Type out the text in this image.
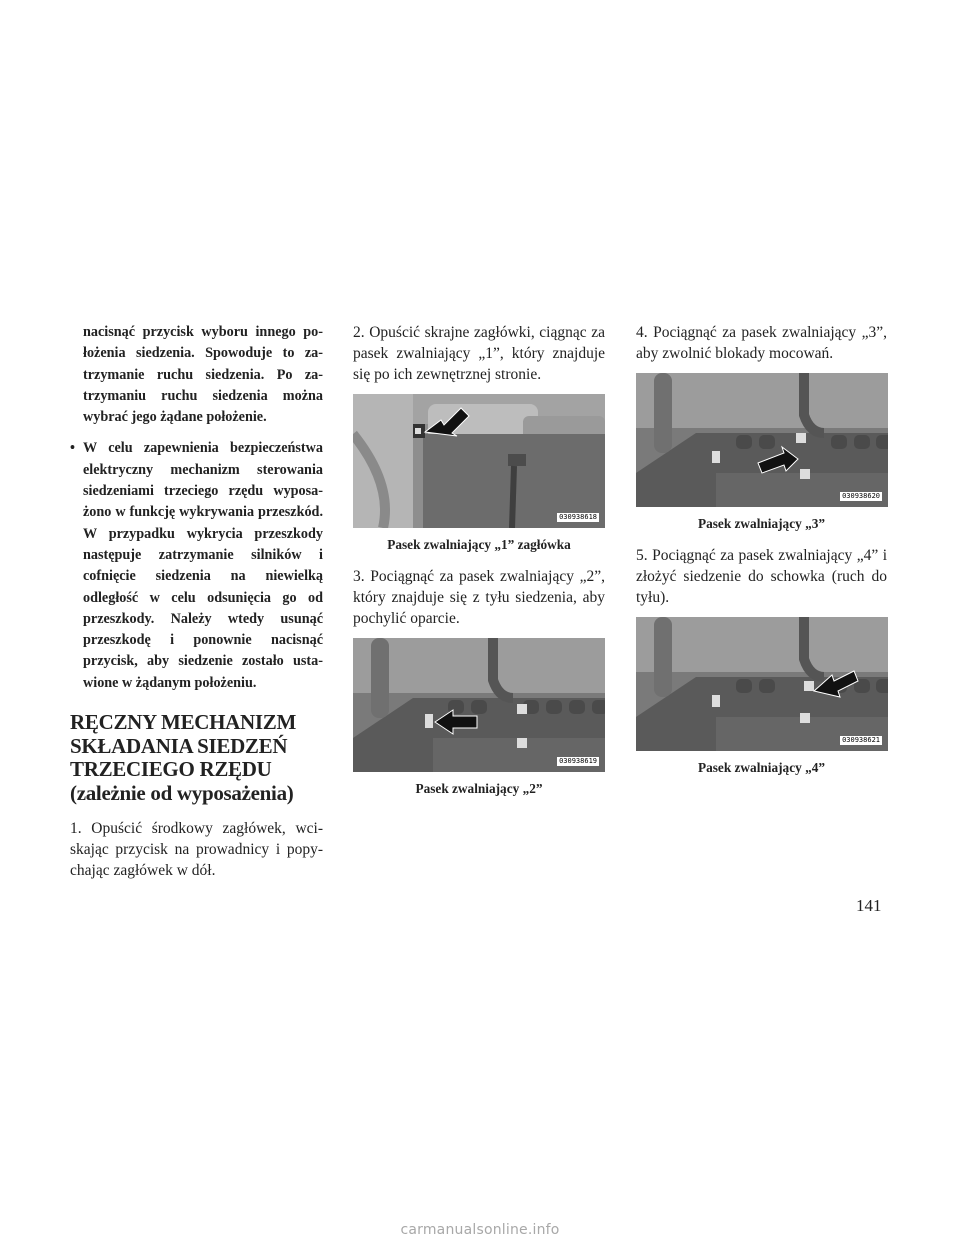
nacisnąć przycisk wyboru innego położenia siedzenia. Spowoduje to zatrzymanie ruchu siedzenia. Po zatrzymaniu ruchu siedzenia można wybrać jego żądane położenie.

• W celu zapewnienia bezpieczeństwa elektryczny mechanizm sterowania siedzeniami trzeciego rzędu wyposażono w funkcję wykrywania przeszkód. W przypadku wykrycia przeszkody następuje zatrzymanie silników i cofnięcie siedzenia na niewielką odległość w celu odsunięcia go od przeszkody. Należy wtedy usunąć przeszkodę i ponownie nacisnąć przycisk, aby siedzenie zostało ustawione w żądanym położeniu.

RĘCZNY MECHANIZM SKŁADANIA SIEDZEŃ TRZECIEGO RZĘDU (zależnie od wyposażenia)

1. Opuścić środkowy zagłówek, wciskając przycisk na prowadnicy i popychając zagłówek w dół.

2. Opuścić skrajne zagłówki, ciągnąc za pasek zwalniający „1”, który znajduje się po ich zewnętrznej stronie.

030938618

Pasek zwalniający „1” zagłówka

3. Pociągnąć za pasek zwalniający „2”, który znajduje się z tyłu siedzenia, aby pochylić oparcie.

030938619

Pasek zwalniający „2”

4. Pociągnąć za pasek zwalniający „3”, aby zwolnić blokady mocowań.

030938620

Pasek zwalniający „3”

5. Pociągnąć za pasek zwalniający „4” i złożyć siedzenie do schowka (ruch do tyłu).

030938621

Pasek zwalniający „4”

141
carmanualsonline.info
